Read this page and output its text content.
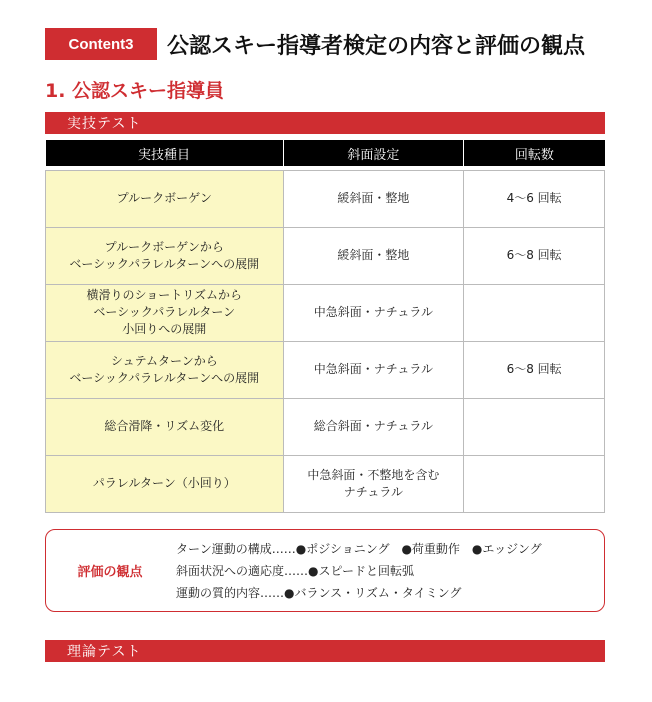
Content3	公認スキー指導者検定の内容と評価の観点
1. 公認スキー指導員
実技テスト
実技種目	斜面設定	回転数

プルークボーゲン	緩斜面・整地	4～6 回転
プルークボーゲンから
ベーシックパラレルターンへの展開	緩斜面・整地	6～8 回転
横滑りのショートリズムから
ベーシックパラレルターン
小回りへの展開	中急斜面・ナチュラル	
シュテムターンから
ベーシックパラレルターンへの展開	中急斜面・ナチュラル	6～8 回転
総合滑降・リズム変化	総合斜面・ナチュラル	
パラレルターン（小回り）	中急斜面・不整地を含む
ナチュラル	
評価の観点
ターン運動の構成……●ポジショニング　●荷重動作　●エッジング
斜面状況への適応度……●スピードと回転弧
運動の質的内容……●バランス・リズム・タイミング
理論テスト
